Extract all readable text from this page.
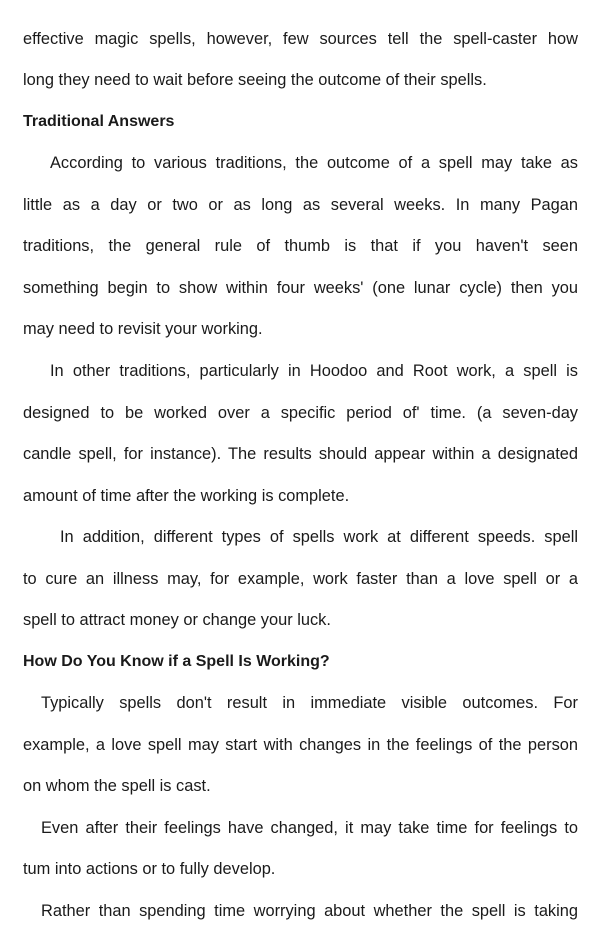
effective magic spells, however, few sources tell the spell-caster how
long they need to wait before seeing the outcome of their spells.
Traditional Answers
According to various traditions, the outcome of a spell may take as
little as a day or two or as long as several weeks. In many Pagan
traditions, the general rule of thumb is that if you haven't seen
something begin to show within four weeks' (one lunar cycle) then you
may need to revisit your working.
In other traditions, particularly in Hoodoo and Root work, a spell is
designed to be worked over a specific period of' time. (a seven-day
candle spell, for instance). The results should appear within a designated
amount of time after the working is complete.
In addition, different types of spells work at different speeds. spell
to cure an illness may, for example, work faster than a love spell or a
spell to attract money or change your luck.
How Do You Know if a Spell Is Working?
Typically spells don't result in immediate visible outcomes. For
example, a love spell may start with changes in the feelings of the person
on whom the spell is cast.
Even after their feelings have changed, it may take time for feelings to
tum into actions or to fully develop.
Rather than spending time worrying about whether the spell is taking
